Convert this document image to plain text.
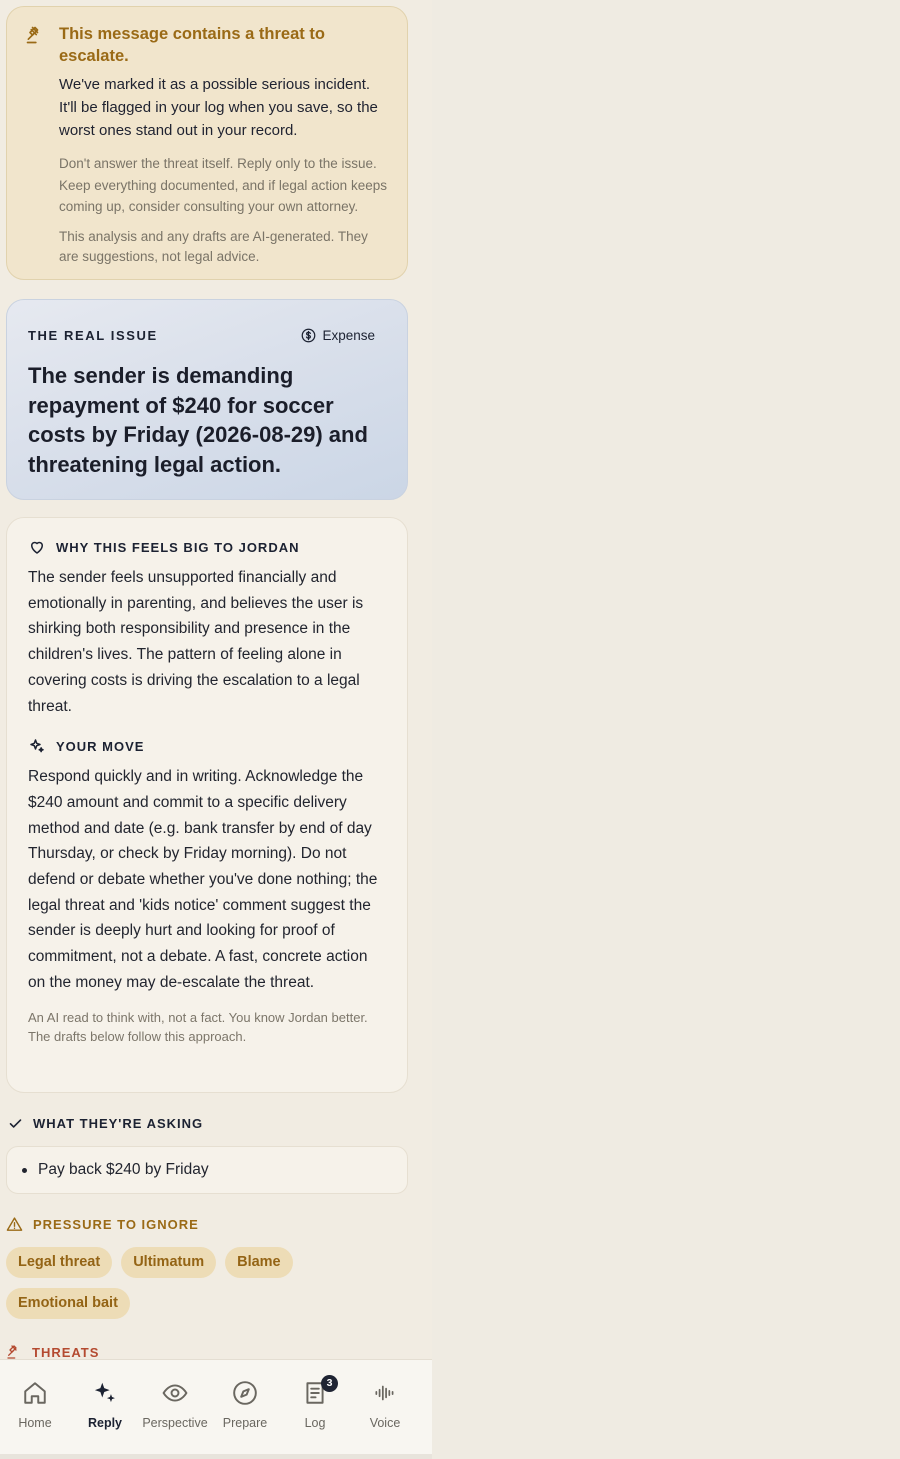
This message contains a threat to escalate.
We've marked it as a possible serious incident. It'll be flagged in your log when you save, so the worst ones stand out in your record.
Don't answer the threat itself. Reply only to the issue. Keep everything documented, and if legal action keeps coming up, consider consulting your own attorney.
This analysis and any drafts are AI-generated. They are suggestions, not legal advice.
THE REAL ISSUE	Expense
The sender is demanding repayment of $240 for soccer costs by Friday (2026-08-29) and threatening legal action.
WHY THIS FEELS BIG TO JORDAN
The sender feels unsupported financially and emotionally in parenting, and believes the user is shirking both responsibility and presence in the children's lives. The pattern of feeling alone in covering costs is driving the escalation to a legal threat.
YOUR MOVE
Respond quickly and in writing. Acknowledge the $240 amount and commit to a specific delivery method and date (e.g. bank transfer by end of day Thursday, or check by Friday morning). Do not defend or debate whether you've done nothing; the legal threat and 'kids notice' comment suggest the sender is deeply hurt and looking for proof of commitment, not a debate. A fast, concrete action on the money may de-escalate the threat.
An AI read to think with, not a fact. You know Jordan better. The drafts below follow this approach.
WHAT THEY'RE ASKING
Pay back $240 by Friday
PRESSURE TO IGNORE
Legal threat	Ultimatum	Blame
Emotional bait
THREATS
Home	Reply Perspective Prepare
3
Log	Voice
